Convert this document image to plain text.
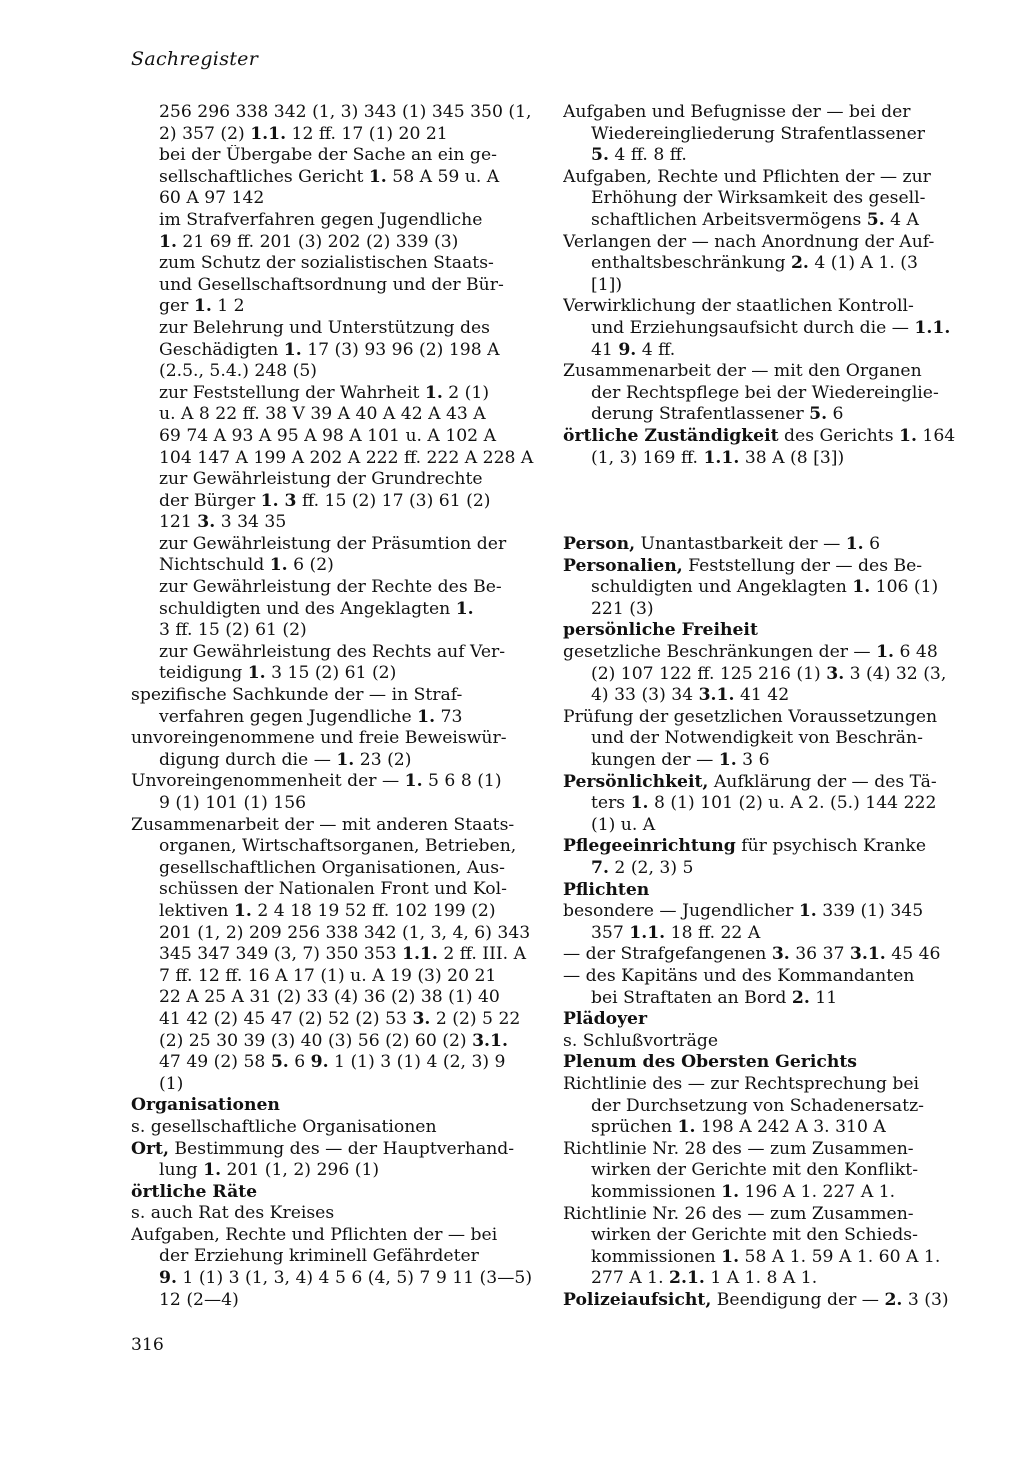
Sachregister
256 296 338 342 (1, 3) 343 (1) 345 350 (1,
2) 357 (2) 1.1. 12 ff. 17 (1) 20 21
bei der Übergabe der Sache an ein ge-
sellschaftliches Gericht 1. 58 A 59 u. A
60 A 97 142
im Strafverfahren gegen Jugendliche
1. 21 69 ff. 201 (3) 202 (2) 339 (3)
zum Schutz der sozialistischen Staats-
und Gesellschaftsordnung und der Bür-
ger 1. 1 2
zur Belehrung und Unterstützung des
Geschädigten 1. 17 (3) 93 96 (2) 198 A
(2.5., 5.4.) 248 (5)
zur Feststellung der Wahrheit 1. 2 (1)
u. A 8 22 ff. 38 V 39 A 40 A 42 A 43 A
69 74 A 93 A 95 A 98 A 101 u. A 102 A
104 147 A 199 A 202 A 222 ff. 222 A 228 A
zur Gewährleistung der Grundrechte
der Bürger 1. 3 ff. 15 (2) 17 (3) 61 (2)
121 3. 3 34 35
zur Gewährleistung der Präsumtion der
Nichtschuld 1. 6 (2)
zur Gewährleistung der Rechte des Be-
schuldigten und des Angeklagten 1.
3 ff. 15 (2) 61 (2)
zur Gewährleistung des Rechts auf Ver-
teidigung 1. 3 15 (2) 61 (2)
spezifische Sachkunde der — in Straf-
verfahren gegen Jugendliche 1. 73
unvoreingenommene und freie Beweiswür-
digung durch die — 1. 23 (2)
Unvoreingenommenheit der — 1. 5 6 8 (1)
9 (1) 101 (1) 156
Zusammenarbeit der — mit anderen Staats-
organen, Wirtschaftsorganen, Betrieben,
gesellschaftlichen Organisationen, Aus-
schüssen der Nationalen Front und Kol-
lektiven 1. 2 4 18 19 52 ff. 102 199 (2)
201 (1, 2) 209 256 338 342 (1, 3, 4, 6) 343
345 347 349 (3, 7) 350 353 1.1. 2 ff. III. A
7 ff. 12 ff. 16 A 17 (1) u. A 19 (3) 20 21
22 A 25 A 31 (2) 33 (4) 36 (2) 38 (1) 40
41 42 (2) 45 47 (2) 52 (2) 53 3. 2 (2) 5 22
(2) 25 30 39 (3) 40 (3) 56 (2) 60 (2) 3.1.
47 49 (2) 58 5. 6 9. 1 (1) 3 (1) 4 (2, 3) 9
(1)
Organisationen
s. gesellschaftliche Organisationen
Ort, Bestimmung des — der Hauptverhand-
lung 1. 201 (1, 2) 296 (1)
örtliche Räte
s. auch Rat des Kreises
Aufgaben, Rechte und Pflichten der — bei
der Erziehung kriminell Gefährdeter
9. 1 (1) 3 (1, 3, 4) 4 5 6 (4, 5) 7 9 11 (3—5)
12 (2—4)
Aufgaben und Befugnisse der — bei der
Wiedereingliederung Strafentlassener
5. 4 ff. 8 ff.
Aufgaben, Rechte und Pflichten der — zur
Erhöhung der Wirksamkeit des gesell-
schaftlichen Arbeitsvermögens 5. 4 A
Verlangen der — nach Anordnung der Auf-
enthaltsbeschränkung 2. 4 (1) A 1. (3
[1])
Verwirklichung der staatlichen Kontroll-
und Erziehungsaufsicht durch die — 1.1.
41 9. 4 ff.
Zusammenarbeit der — mit den Organen
der Rechtspflege bei der Wiedereinglie-
derung Strafentlassener 5. 6
örtliche Zuständigkeit des Gerichts 1. 164
(1, 3) 169 ff. 1.1. 38 A (8 [3])
Person, Unantastbarkeit der — 1. 6
Personalien, Feststellung der — des Be-
schuldigten und Angeklagten 1. 106 (1)
221 (3)
persönliche Freiheit
gesetzliche Beschränkungen der — 1. 6 48
(2) 107 122 ff. 125 216 (1) 3. 3 (4) 32 (3,
4) 33 (3) 34 3.1. 41 42
Prüfung der gesetzlichen Voraussetzungen
und der Notwendigkeit von Beschrän-
kungen der — 1. 3 6
Persönlichkeit, Aufklärung der — des Tä-
ters 1. 8 (1) 101 (2) u. A 2. (5.) 144 222
(1) u. A
Pflegeeinrichtung für psychisch Kranke
7. 2 (2, 3) 5
Pflichten
besondere — Jugendlicher 1. 339 (1) 345
357 1.1. 18 ff. 22 A
— der Strafgefangenen 3. 36 37 3.1. 45 46
— des Kapitäns und des Kommandanten
bei Straftaten an Bord 2. 11
Plädoyer
s. Schlußvorträge
Plenum des Obersten Gerichts
Richtlinie des — zur Rechtsprechung bei
der Durchsetzung von Schadenersatz-
sprüchen 1. 198 A 242 A 3. 310 A
Richtlinie Nr. 28 des — zum Zusammen-
wirken der Gerichte mit den Konflikt-
kommissionen 1. 196 A 1. 227 A 1.
Richtlinie Nr. 26 des — zum Zusammen-
wirken der Gerichte mit den Schieds-
kommissionen 1. 58 A 1. 59 A 1. 60 A 1.
277 A 1. 2.1. 1 A 1. 8 A 1.
Polizeiaufsicht, Beendigung der — 2. 3 (3)
316
